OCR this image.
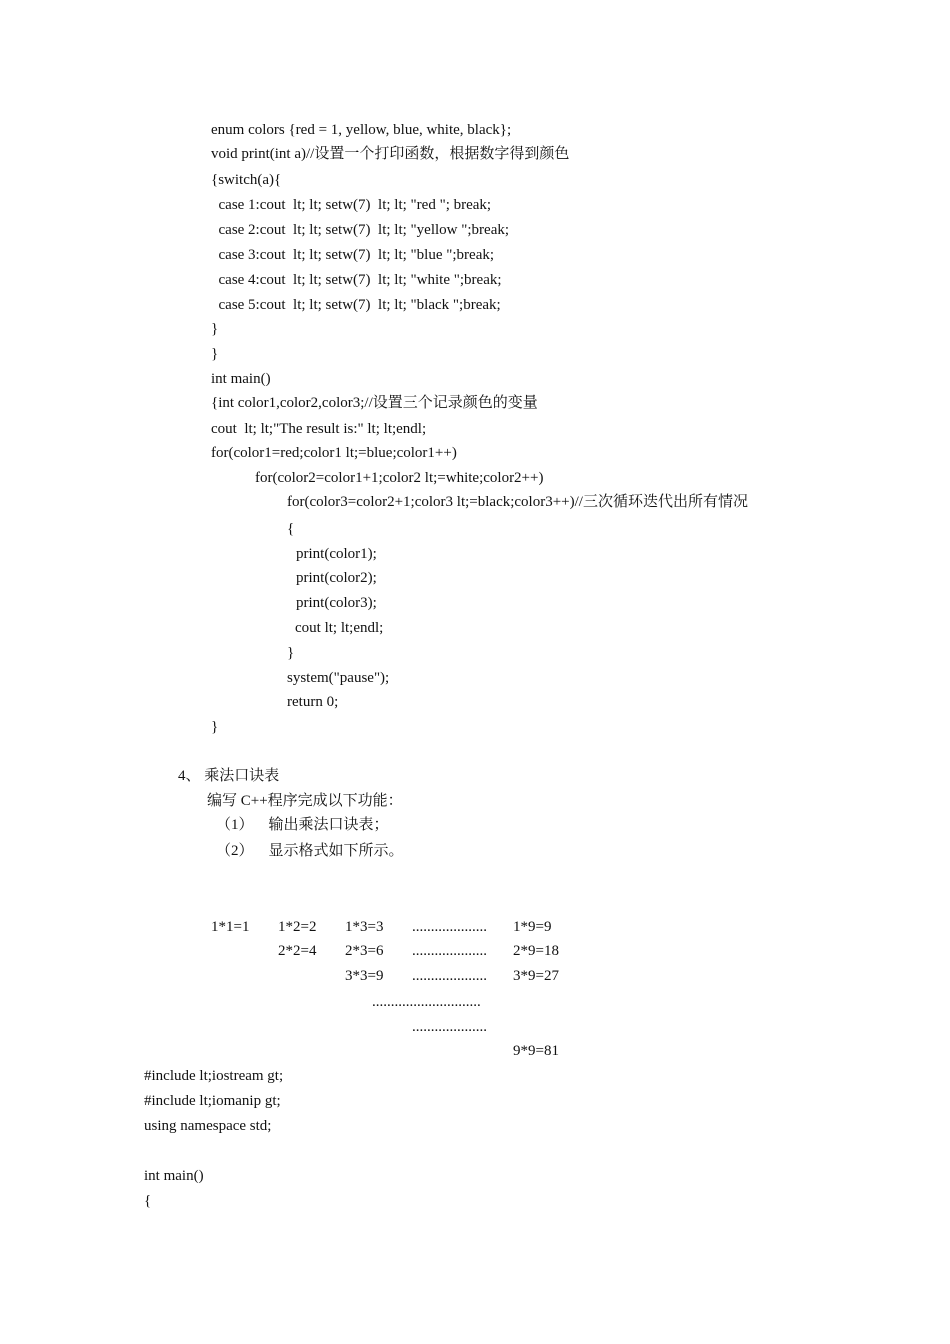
enum colors {red = 1, yellow, blue, white, black};
void print(int a)//设置一个打印函数，根据数字得到颜色
{switch(a){
case 1:cout  lt; lt; setw(7)  lt; lt; "red "; break;
case 2:cout  lt; lt; setw(7)  lt; lt; "yellow ";break;
case 3:cout  lt; lt; setw(7)  lt; lt; "blue ";break;
case 4:cout  lt; lt; setw(7)  lt; lt; "white ";break;
case 5:cout  lt; lt; setw(7)  lt; lt; "black ";break;
}
}
int main()
{int color1,color2,color3;//设置三个记录颜色的变量
cout  lt; lt;"The result is:" lt; lt;endl;
for(color1=red;color1 lt;=blue;color1++)
for(color2=color1+1;color2 lt;=white;color2++)
for(color3=color2+1;color3 lt;=black;color3++)//三次循环迭代出所有情况
{
print(color1);
print(color2);
print(color3);
cout lt; lt;endl;
}
system("pause");
return 0;
}
4、 乘法口诀表
编写 C++程序完成以下功能：
（1）    输出乘法口诀表；
（2）    显示格式如下所示。
1*1=1 1*2=2 1*3=3 .................... 1*9=9
2*2=4 2*3=6 .................... 2*9=18
3*3=9 .................... 3*9=27
.............................
....................
9*9=81
#include lt;iostream gt;
#include lt;iomanip gt;
using namespace std;
int main()
{
